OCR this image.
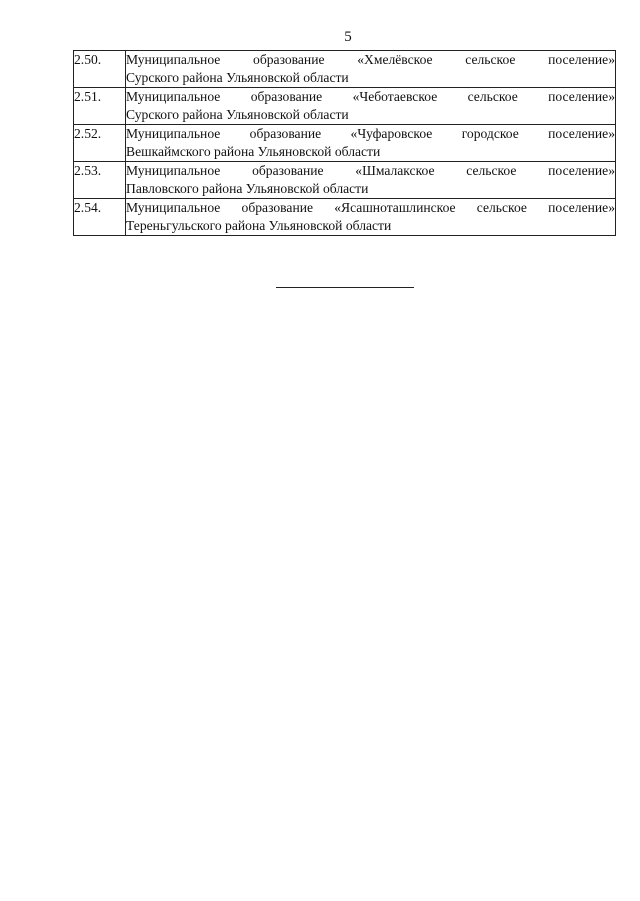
5
2.50.	Муниципальное образование «Хмелёвское сельское поселение»
Сурского района Ульяновской области

2.51.	Муниципальное образование «Чеботаевское сельское поселение»
Сурского района Ульяновской области

2.52.	Муниципальное образование «Чуфаровское городское поселение»
Вешкаймского района Ульяновской области

2.53.	Муниципальное образование «Шмалакское сельское поселение»
Павловского района Ульяновской области

2.54.	Муниципальное образование «Ясашноташлинское сельское поселение»
Тереньгульского района Ульяновской области
